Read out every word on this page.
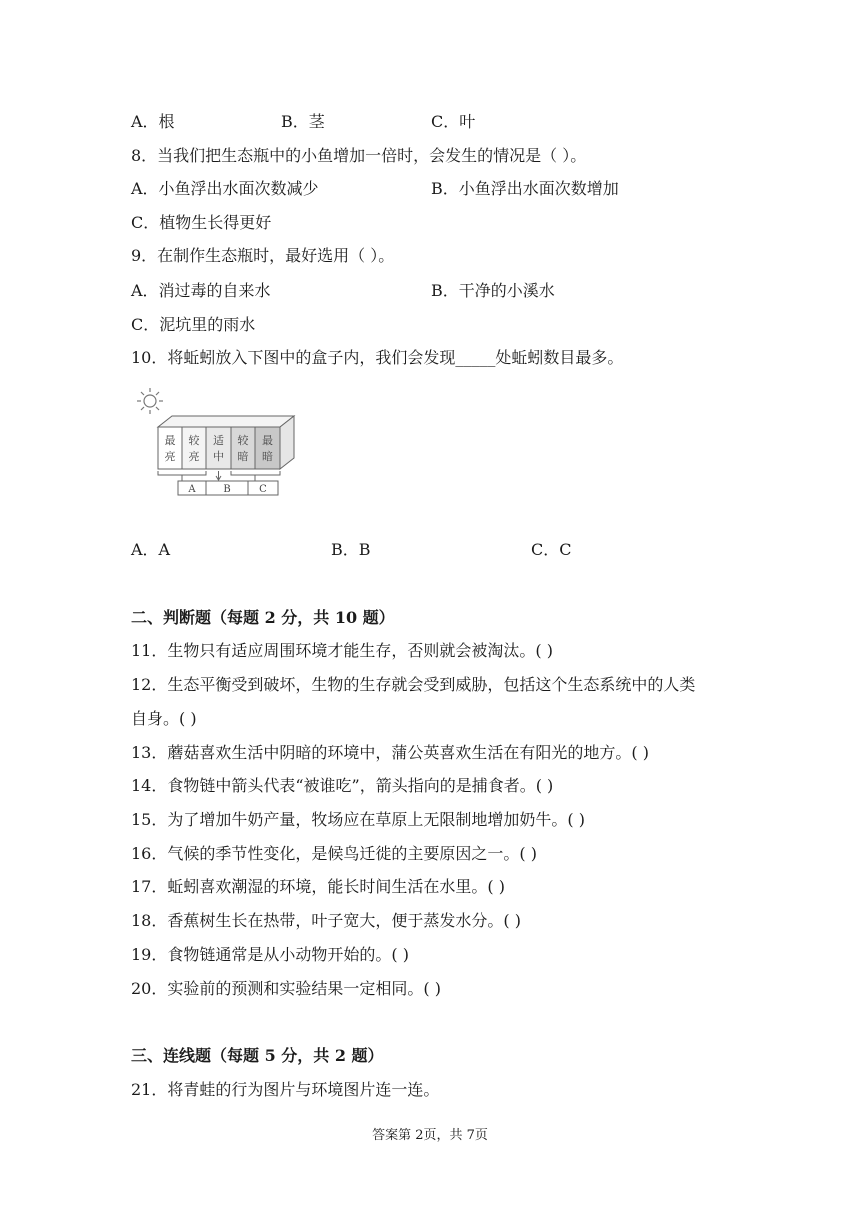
A．根	B．茎	C．叶
8．当我们把生态瓶中的小鱼增加一倍时，会发生的情况是（ ）。
A．小鱼浮出水面次数减少	B．小鱼浮出水面次数增加
C．植物生长得更好
9．在制作生态瓶时，最好选用（ ）。
A．消过毒的自来水	B．干净的小溪水
C．泥坑里的雨水
10．将蚯蚓放入下图中的盒子内，我们会发现_____处蚯蚓数目最多。
最
亮
较
亮
适
中
较
暗
最
暗
A	B	C
A．A	B．B	C．C
二、判断题（每题 2 分，共 10 题）
11．生物只有适应周围环境才能生存，否则就会被淘汰。( )
12．生态平衡受到破坏，生物的生存就会受到威胁，包括这个生态系统中的人类
自身。( )
13．蘑菇喜欢生活中阴暗的环境中，蒲公英喜欢生活在有阳光的地方。( )
14．食物链中箭头代表“被谁吃”，箭头指向的是捕食者。( )
15．为了增加牛奶产量，牧场应在草原上无限制地增加奶牛。( )
16．气候的季节性变化，是候鸟迁徙的主要原因之一。( )
17．蚯蚓喜欢潮湿的环境，能长时间生活在水里。( )
18．香蕉树生长在热带，叶子宽大，便于蒸发水分。( )
19．食物链通常是从小动物开始的。( )
20．实验前的预测和实验结果一定相同。( )
三、连线题（每题 5 分，共 2 题）
21．将青蛙的行为图片与环境图片连一连。
答案第 2页，共 7页
